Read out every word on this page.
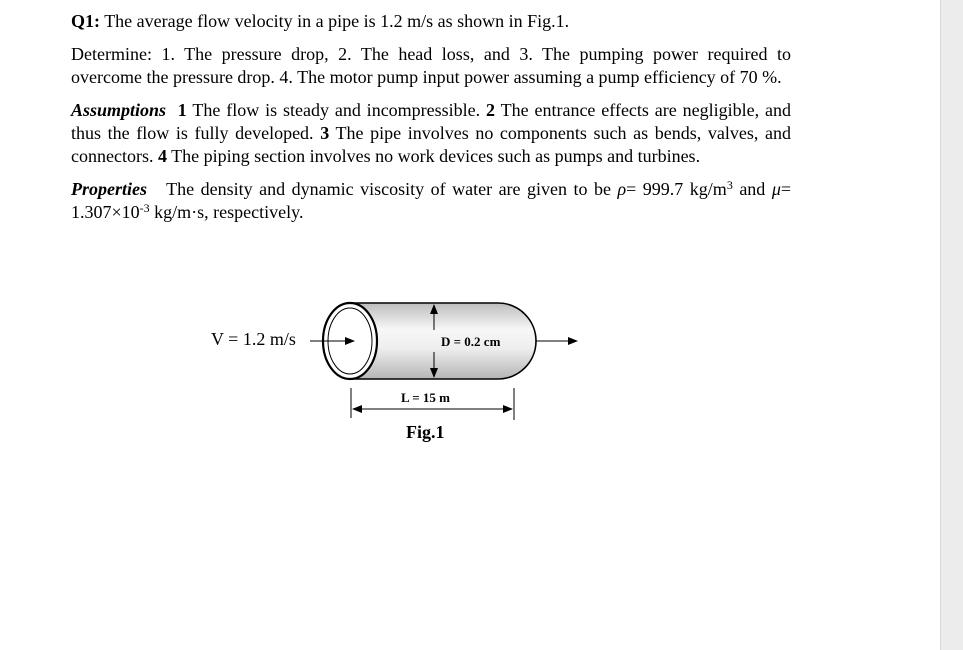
Q1: The average flow velocity in a pipe is 1.2 m/s as shown in Fig.1.

Determine: 1. The pressure drop, 2. The head loss, and 3. The pumping power required to overcome the pressure drop. 4. The motor pump input power assuming a pump efficiency of 70 %.

Assumptions 1 The flow is steady and incompressible. 2 The entrance effects are negligible, and thus the flow is fully developed. 3 The pipe involves no components such as bends, valves, and connectors. 4 The piping section involves no work devices such as pumps and turbines.

Properties The density and dynamic viscosity of water are given to be ρ= 999.7 $kg/m^3$ and $\mu= 1.307\times 10^{-3}$ kg/m·s, respectively.

V = 1.2 m/s	D = 0.2 cm
L = 15 m
Fig.1
